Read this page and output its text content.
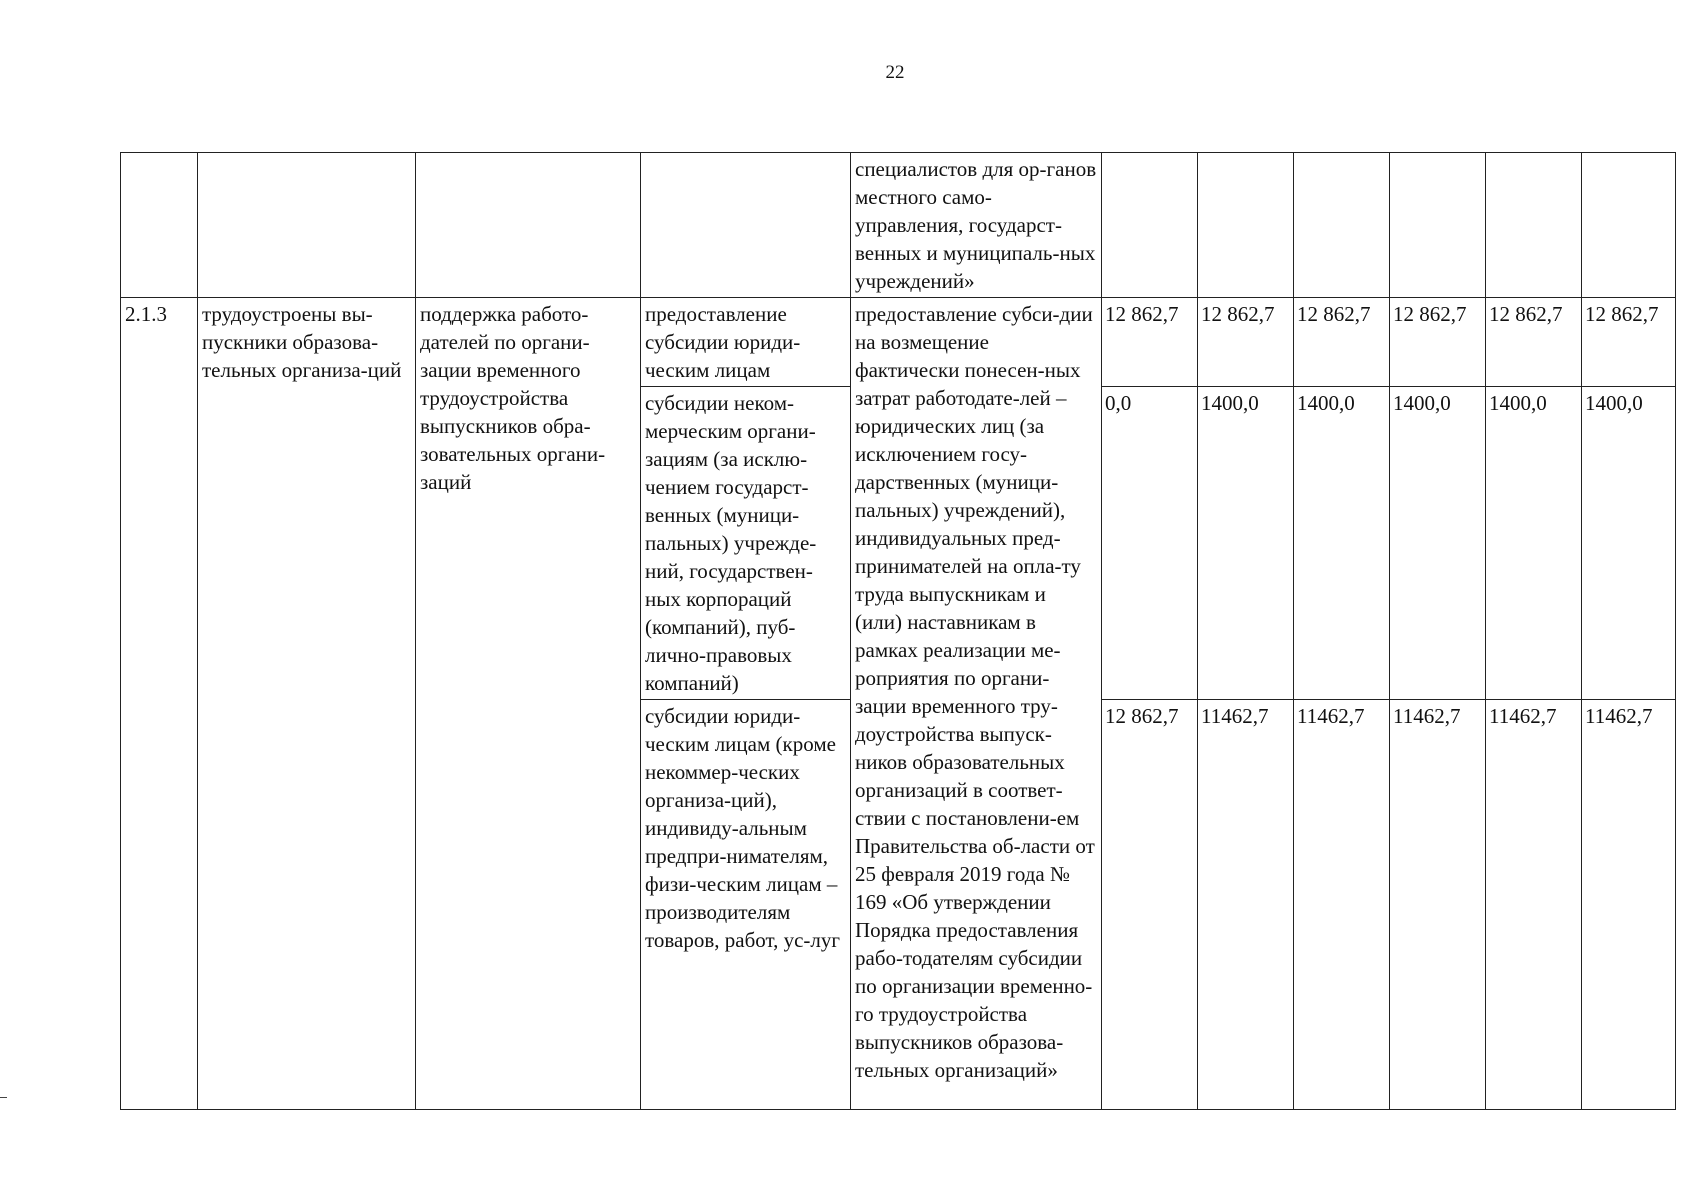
22
				специалистов для ор-ганов местного само-управления, государст-венных и муниципаль-ных учреждений»						
2.1.3	трудоустроены вы-пускники образова-тельных организа-ций	поддержка работо-дателей по органи-зации временного трудоустройства выпускников обра-зовательных органи-заций	предоставление субсидии юриди-ческим лицам	предоставление субси-дии на возмещение фактически понесен-ных затрат работодате-лей – юридических лиц (за исключением госу-дарственных (муници-пальных) учреждений), индивидуальных пред-принимателей на опла-ту труда выпускникам и (или) наставникам в рамках реализации ме-роприятия по органи-зации временного тру-доустройства выпуск-ников образовательных организаций в соответ-ствии с постановлени-ем Правительства об-ласти от 25 февраля 2019 года № 169 «Об утверждении Порядка предоставления рабо-тодателям субсидии по организации временно-го трудоустройства выпускников образова-тельных организаций»	12 862,7	12 862,7	12 862,7	12 862,7	12 862,7	12 862,7
			субсидии неком-мерческим органи-зациям (за исклю-чением государст-венных (муници-пальных) учрежде-ний, государствен-ных корпораций (компаний), пуб-лично-правовых компаний)		0,0	1400,0	1400,0	1400,0	1400,0	1400,0
			субсидии юриди-ческим лицам (кроме некоммер-ческих организа-ций), индивиду-альным предпри-нимателям, физи-ческим лицам – производителям товаров, работ, ус-луг		12 862,7	11462,7	11462,7	11462,7	11462,7	11462,7
